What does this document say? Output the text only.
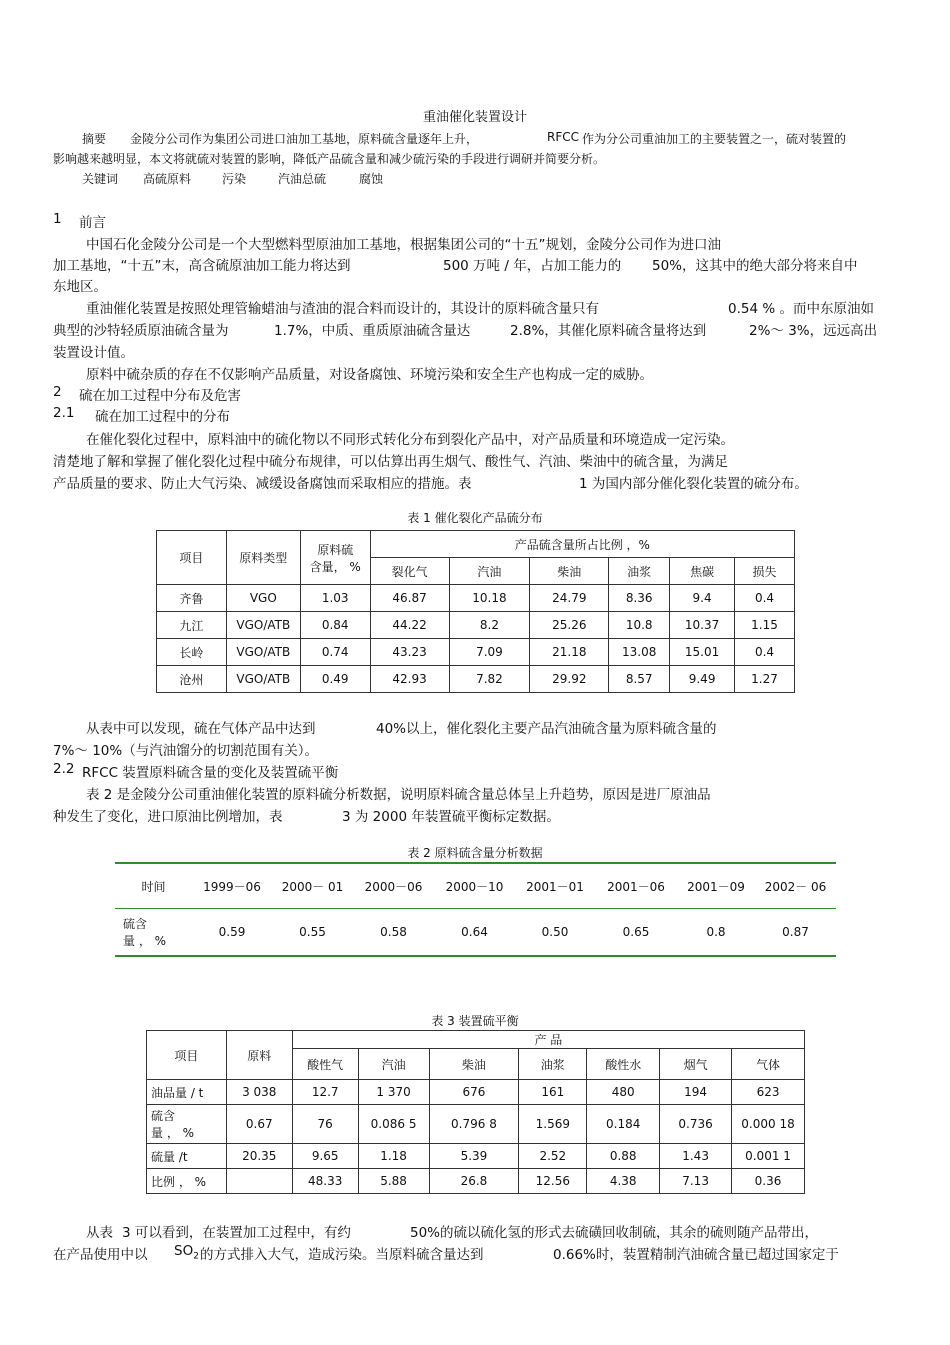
重油催化装置设计
摘要 金陵分公司作为集团公司进口油加工基地，原料硫含量逐年上升，	RFCC 作为分公司重油加工的主要装置之一，硫对装置的
影响越来越明显，本文将就硫对装置的影响，降低产品硫含量和减少硫污染的手段进行调研并简要分析。
关键词 高硫原料	污染	汽油总硫	腐蚀
1 前言
中国石化金陵分公司是一个大型燃料型原油加工基地，根据集团公司的“十五”规划，金陵分公司作为进口油
加工基地，“十五”末，高含硫原油加工能力将达到	500 万吨 / 年，占加工能力的 50%，这其中的绝大部分将来自中
东地区。
重油催化装置是按照处理管输蜡油与渣油的混合料而设计的，其设计的原料硫含量只有	0.54 % 。而中东原油如
典型的沙特轻质原油硫含量为	1.7%，中质、重质原油硫含量达	2.8%，其催化原料硫含量将达到	2%～ 3%，远远高出
装置设计值。
原料中硫杂质的存在不仅影响产品质量，对设备腐蚀、环境污染和安全生产也构成一定的威胁。
2 硫在加工过程中分布及危害
2.1 硫在加工过程中的分布
在催化裂化过程中，原料油中的硫化物以不同形式转化分布到裂化产品中，对产品质量和环境造成一定污染。
清楚地了解和掌握了催化裂化过程中硫分布规律，可以估算出再生烟气、酸性气、汽油、柴油中的硫含量，为满足
产品质量的要求、防止大气污染、减缓设备腐蚀而采取相应的措施。表	1 为国内部分催化裂化装置的硫分布。
表 1 催化裂化产品硫分布
项目	原料类型	原料硫
含量， %	产品硫含量所占比例 ，%					
			裂化气	汽油	柴油	油浆	焦碳	损失
齐鲁	VGO	1.03	46.87	10.18	24.79	8.36	9.4	0.4
九江	VGO/ATB	0.84	44.22	8.2	25.26	10.8	10.37	1.15
长岭	VGO/ATB	0.74	43.23	7.09	21.18	13.08	15.01	0.4
沧州	VGO/ATB	0.49	42.93	7.82	29.92	8.57	9.49	1.27
从表中可以发现，硫在气体产品中达到	40%以上，催化裂化主要产品汽油硫含量为原料硫含量的
7%～ 10%（与汽油馏分的切割范围有关）。
2.2 RFCC 装置原料硫含量的变化及装置硫平衡
表 2 是金陵分公司重油催化装置的原料硫分析数据，说明原料硫含量总体呈上升趋势，原因是进厂原油品
种发生了变化，进口原油比例增加，表	3 为 2000 年装置硫平衡标定数据。
表 2 原料硫含量分析数据
时间	1999－06	2000－ 01	2000－06	2000－10	2001－01	2001－06	2001－09	2002－ 06

硫含
量 ， %	0.59	0.55	0.58	0.64	0.50	0.65	0.8	0.87
表 3 装置硫平衡
项目	原料	产 品						
		酸性气	汽油	柴油	油浆	酸性水	烟气	气体
油品量 / t	3 038	12.7	1 370	676	161	480	194	623

硫含
量 ， %	0.67	76	0.086 5	0.796 8	1.569	0.184	0.736	0.000 18
硫量 /t	20.35	9.65	1.18	5.39	2.52	0.88	1.43	0.001 1
比例 ， %		48.33	5.88	26.8	12.56	4.38	7.13	0.36
从表 3 可以看到，在装置加工过程中，有约	50%的硫以硫化氢的形式去硫磺回收制硫，其余的硫则随产品带出，
在产品使用中以 $SO_2$ 的方式排入大气，造成污染。当原料硫含量达到	0.66%时，装置精制汽油硫含量已超过国家定于
